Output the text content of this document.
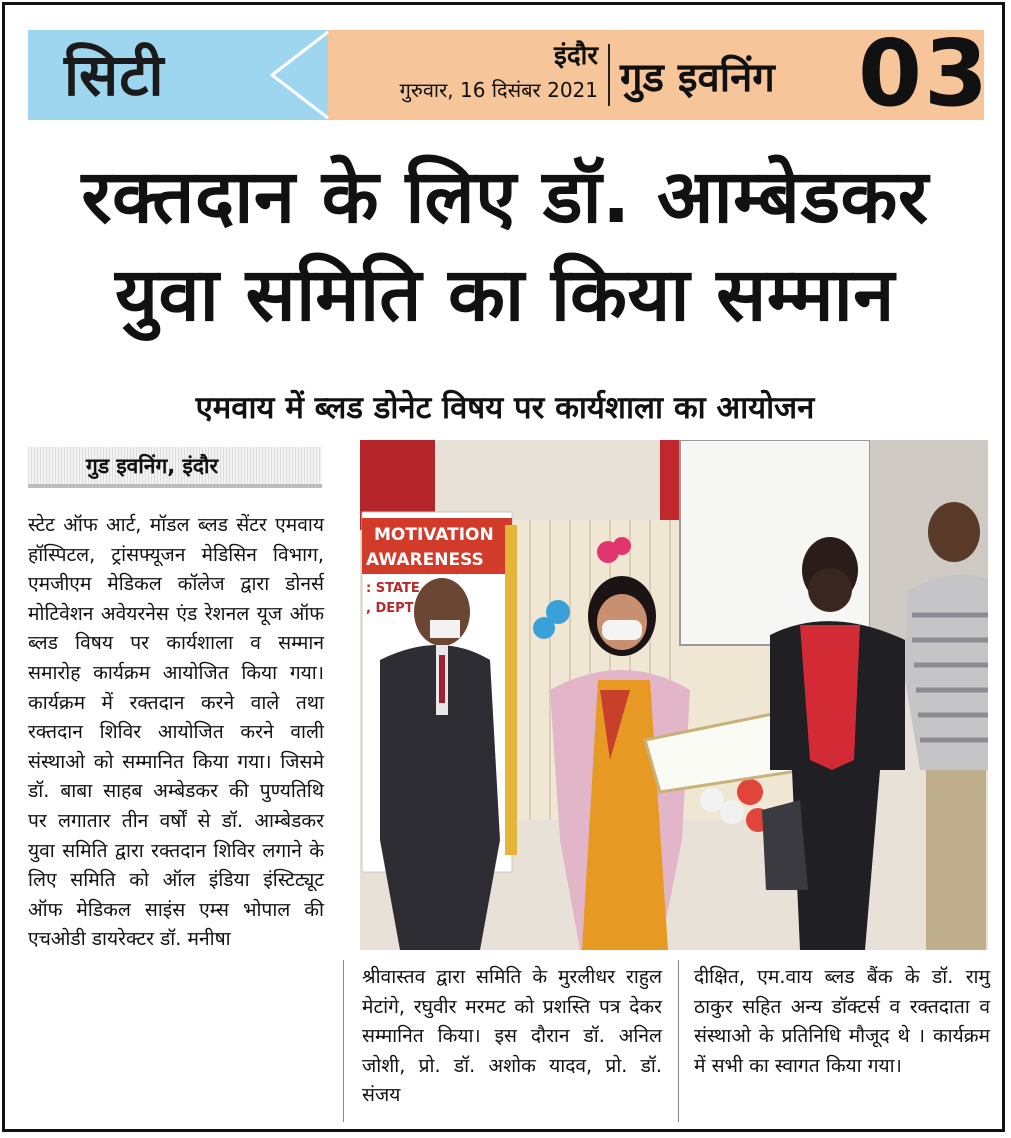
सिटी	इंदौर
गुरुवार, 16 दिसंबर 2021 गुड इवनिंग 03
रक्तदान के लिए डॉ. आम्बेडकर
युवा समिति का किया सम्मान
एमवाय में ब्लड डोनेट विषय पर कार्यशाला का आयोजन
गुड इवनिंग, इंदौर
MOTIVATION
AWARENESS
: STATE
, DEPT

स्टेट ऑफ आर्ट, मॉडल ब्लड सेंटर एमवाय हॉस्पिटल, ट्रांसफ्यूजन मेडिसिन विभाग, एमजीएम मेडिकल कॉलेज द्वारा डोनर्स मोटिवेशन अवेयरनेस एंड रेशनल यूज ऑफ ब्लड विषय पर कार्यशाला व सम्मान समारोह कार्यक्रम आयोजित किया गया। कार्यक्रम में रक्तदान करने वाले तथा रक्तदान शिविर आयोजित करने वाली संस्थाओ को सम्मानित किया गया। जिसमे डॉ. बाबा साहब अम्बेडकर की पुण्यतिथि पर लगातार तीन वर्षों से डॉ. आम्बेडकर युवा समिति द्वारा रक्तदान शिविर लगाने के लिए समिति को ऑल इंडिया इंस्टिट्यूट ऑफ मेडिकल साइंस एम्स भोपाल की एचओडी डायरेक्टर डॉ. मनीषा

श्रीवास्तव द्वारा समिति के मुरलीधर राहुल मेटांगे, रघुवीर मरमट को प्रशस्ति पत्र देकर सम्मानित किया। इस दौरान डॉ. अनिल जोशी, प्रो. डॉ. अशोक यादव, प्रो. डॉ. संजय

दीक्षित, एम.वाय ब्लड बैंक के डॉ. रामु ठाकुर सहित अन्य डॉक्टर्स व रक्तदाता व संस्थाओ के प्रतिनिधि मौजूद थे । कार्यक्रम में सभी का स्वागत किया गया।
